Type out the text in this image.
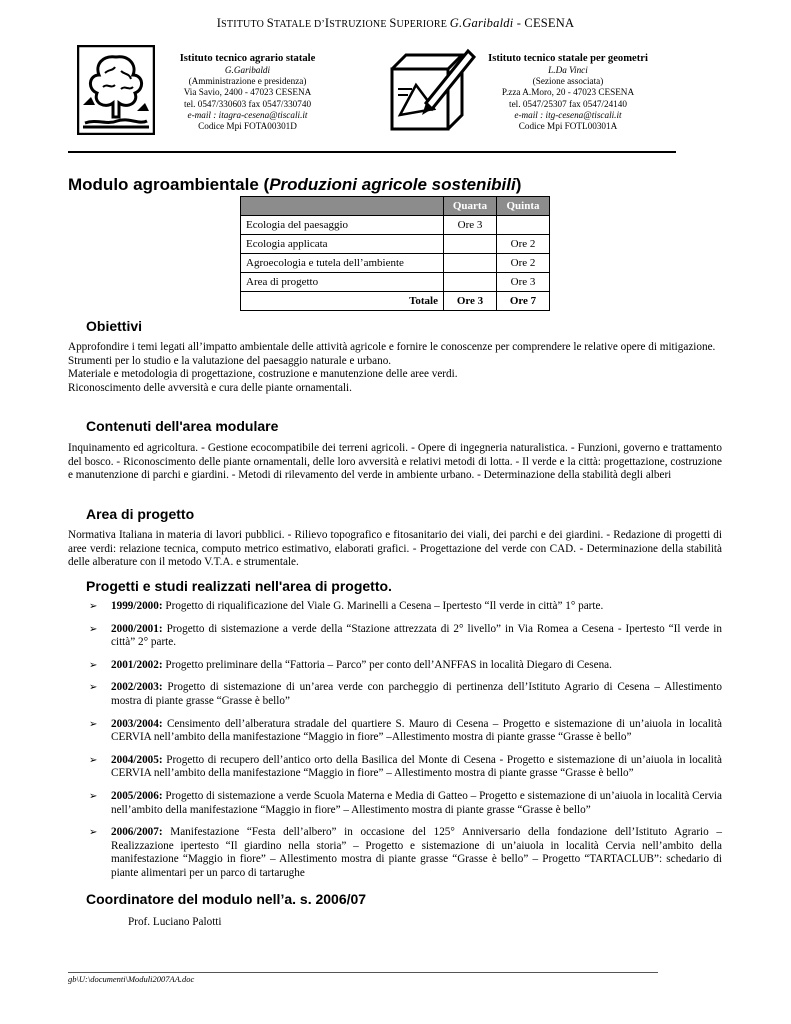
ISTITUTO STATALE D’ISTRUZIONE SUPERIORE G.Garibaldi - CESENA
Istituto tecnico agrario statale
G.Garibaldi
(Amministrazione e presidenza)
Via Savio, 2400 - 47023 CESENA
tel. 0547/330603 fax 0547/330740
e-mail : itagra-cesena@tiscali.it
Codice Mpi FOTA00301D
Istituto tecnico statale per geometri
L.Da Vinci
(Sezione associata)
P.zza A.Moro, 20 - 47023 CESENA
tel. 0547/25307 fax 0547/24140
e-mail : itg-cesena@tiscali.it
Codice Mpi FOTL00301A
Modulo agroambientale (Produzioni agricole sostenibili)
	Quarta	Quinta
Ecologia del paesaggio	Ore 3	
Ecologia applicata		Ore 2
Agroecologia e tutela dell’ambiente		Ore 2
Area di progetto		Ore 3
Totale	Ore 3	Ore 7
Obiettivi
Approfondire i temi legati all’impatto ambientale delle attività agricole e fornire le conoscenze per comprendere le relative opere di mitigazione.
Strumenti per lo studio e la valutazione del paesaggio naturale e urbano.
Materiale e metodologia di progettazione, costruzione e manutenzione delle aree verdi.
Riconoscimento delle avversità e cura delle piante ornamentali.
Contenuti dell'area modulare
Inquinamento ed agricoltura. - Gestione ecocompatibile dei terreni agricoli. - Opere di ingegneria naturalistica. - Funzioni, governo e trattamento del bosco. - Riconoscimento delle piante ornamentali, delle loro avversità e relativi metodi di lotta. - Il verde e la città: progettazione, costruzione e manutenzione di parchi e giardini. - Metodi di rilevamento del verde in ambiente urbano. - Determinazione della stabilità degli alberi
Area di progetto
Normativa Italiana in materia di lavori pubblici. - Rilievo topografico e fitosanitario dei viali, dei parchi e dei giardini. - Redazione di progetti di aree verdi: relazione tecnica, computo metrico estimativo, elaborati grafici. - Progettazione del verde con CAD. - Determinazione della stabilità delle alberature con il metodo V.T.A. e strumentale.
Progetti e studi realizzati nell'area di progetto.
➢ 1999/2000: Progetto di riqualificazione del Viale G. Marinelli a Cesena – Ipertesto “Il verde in città” 1° parte.
➢ 2000/2001: Progetto di sistemazione a verde della “Stazione attrezzata di 2° livello” in Via Romea a Cesena - Ipertesto “Il verde in città” 2° parte.
➢ 2001/2002: Progetto preliminare della “Fattoria – Parco” per conto dell’ANFFAS in località Diegaro di Cesena.
➢ 2002/2003: Progetto di sistemazione di un’area verde con parcheggio di pertinenza dell’Istituto Agrario di Cesena – Allestimento mostra di piante grasse “Grasse è bello”
➢ 2003/2004: Censimento dell’alberatura stradale del quartiere S. Mauro di Cesena – Progetto e sistemazione di un’aiuola in località CERVIA nell’ambito della manifestazione “Maggio in fiore” –Allestimento mostra di piante grasse “Grasse è bello”
➢ 2004/2005: Progetto di recupero dell’antico orto della Basilica del Monte di Cesena - Progetto e sistemazione di un’aiuola in località CERVIA nell’ambito della manifestazione “Maggio in fiore” – Allestimento mostra di piante grasse “Grasse è bello”
➢ 2005/2006: Progetto di sistemazione a verde Scuola Materna e Media di Gatteo – Progetto e sistemazione di un’aiuola in località Cervia nell’ambito della manifestazione “Maggio in fiore” – Allestimento mostra di piante grasse “Grasse è bello”
➢ 2006/2007: Manifestazione “Festa dell’albero” in occasione del 125° Anniversario della fondazione dell’Istituto Agrario – Realizzazione ipertesto “Il giardino nella storia” – Progetto e sistemazione di un’aiuola in località Cervia nell’ambito della manifestazione “Maggio in fiore” – Allestimento mostra di piante grasse “Grasse è bello” – Progetto “TARTACLUB”: schedario di piante alimentari per un parco di tartarughe
Coordinatore del modulo nell’a. s. 2006/07
Prof. Luciano Palotti
gb\U:\documenti\Moduli2007AA.doc
